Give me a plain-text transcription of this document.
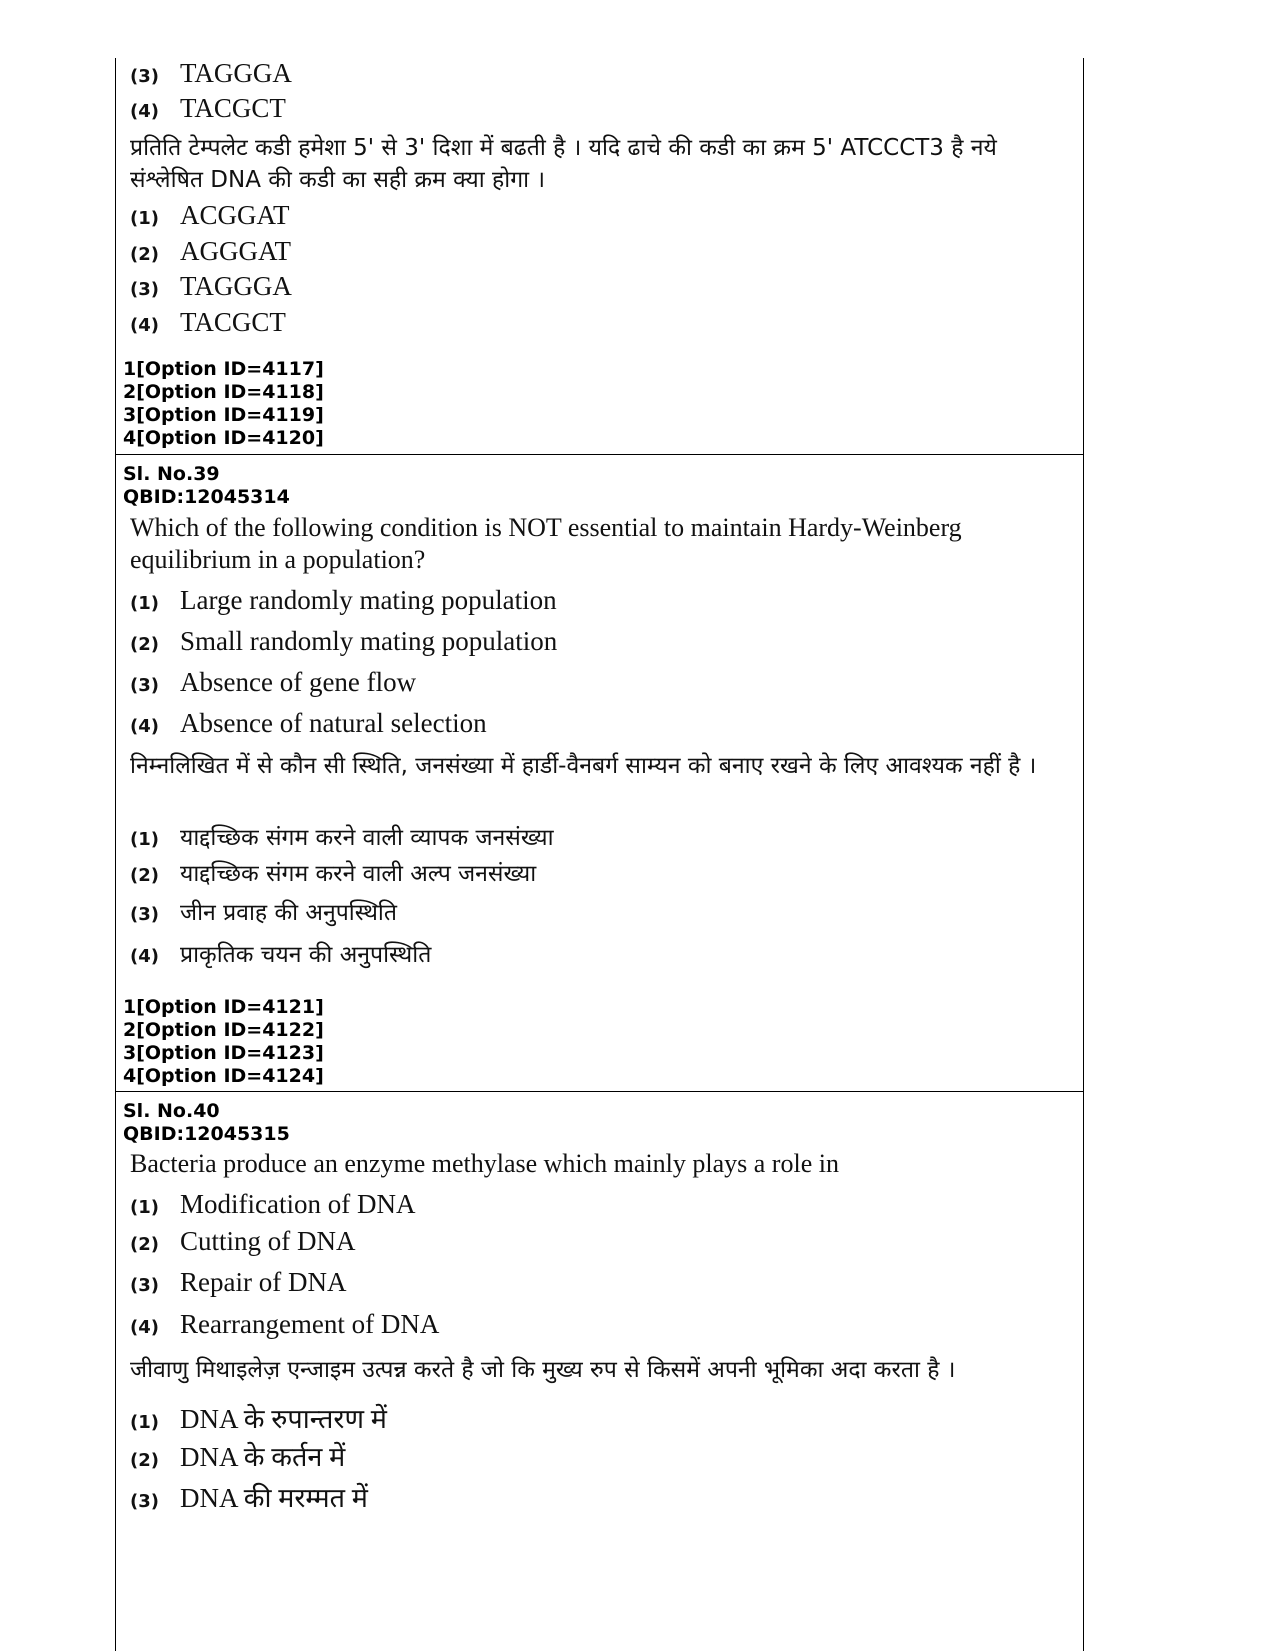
(3) TAGGGA
(4) TACGCT
प्रतिति टेम्पलेट कडी हमेशा 5' से 3' दिशा में बढती है । यदि ढाचे की कडी का क्रम 5' ATCCCT3 है नये संश्लेषित DNA की कडी का सही क्रम क्या होगा ।
(1) ACGGAT
(2) AGGGAT
(3) TAGGGA
(4) TACGCT
1[Option ID=4117]
2[Option ID=4118]
3[Option ID=4119]
4[Option ID=4120]
Sl. No.39
QBID:12045314
Which of the following condition is NOT essential to maintain Hardy-Weinberg equilibrium in a population?
(1) Large randomly mating population
(2) Small randomly mating population
(3) Absence of gene flow
(4) Absence of natural selection
निम्नलिखित में से कौन सी स्थिति, जनसंख्या में हार्डी-वैनबर्ग साम्यन को बनाए रखने के लिए आवश्यक नहीं है ।
(1) याद्दच्छिक संगम करने वाली व्यापक जनसंख्या
(2) याद्दच्छिक संगम करने वाली अल्प जनसंख्या
(3) जीन प्रवाह की अनुपस्थिति
(4) प्राकृतिक चयन की अनुपस्थिति
1[Option ID=4121]
2[Option ID=4122]
3[Option ID=4123]
4[Option ID=4124]
Sl. No.40
QBID:12045315
Bacteria produce an enzyme methylase which mainly plays a role in
(1) Modification of DNA
(2) Cutting of DNA
(3) Repair of DNA
(4) Rearrangement of DNA
जीवाणु मिथाइलेज़ एन्जाइम उत्पन्न करते है जो कि मुख्य रुप से किसमें अपनी भूमिका अदा करता है ।
(1) DNA के रुपान्तरण में
(2) DNA के कर्तन में
(3) DNA की मरम्मत में
